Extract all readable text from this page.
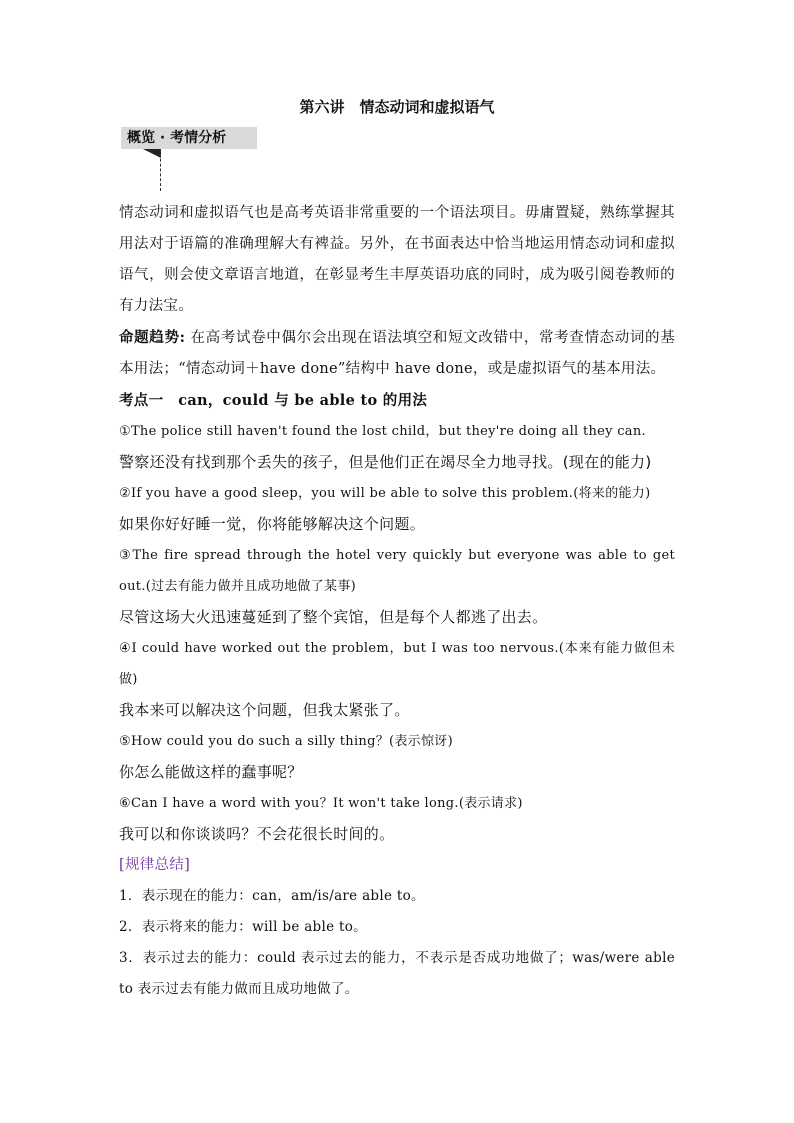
第六讲　情态动词和虚拟语气
概览 · 考情分析

情态动词和虚拟语气也是高考英语非常重要的一个语法项目。毋庸置疑，熟练掌握其用法对于语篇的准确理解大有裨益。另外，在书面表达中恰当地运用情态动词和虚拟语气，则会使文章语言地道，在彰显考生丰厚英语功底的同时，成为吸引阅卷教师的有力法宝。

命题趋势: 在高考试卷中偶尔会出现在语法填空和短文改错中，常考查情态动词的基本用法；“情态动词＋have done”结构中 have done，或是虚拟语气的基本用法。

考点一　can，could 与 be able to 的用法

①The police still haven't found the lost child，but they're doing all they can.

警察还没有找到那个丢失的孩子，但是他们正在竭尽全力地寻找。(现在的能力)

②If you have a good sleep，you will be able to solve this problem.(将来的能力)

如果你好好睡一觉，你将能够解决这个问题。

③The fire spread through the hotel very quickly but everyone was able to get out.(过去有能力做并且成功地做了某事)

尽管这场大火迅速蔓延到了整个宾馆，但是每个人都逃了出去。

④I could have worked out the problem，but I was too nervous.(本来有能力做但未做)

我本来可以解决这个问题，但我太紧张了。

⑤How could you do such a silly thing？(表示惊讶)

你怎么能做这样的蠢事呢？

⑥Can I have a word with you？It won't take long.(表示请求)

我可以和你谈谈吗？不会花很长时间的。

[规律总结]

1．表示现在的能力：can，am/is/are able to。

2．表示将来的能力：will be able to。

3．表示过去的能力：could 表示过去的能力，不表示是否成功地做了；was/were able to 表示过去有能力做而且成功地做了。
